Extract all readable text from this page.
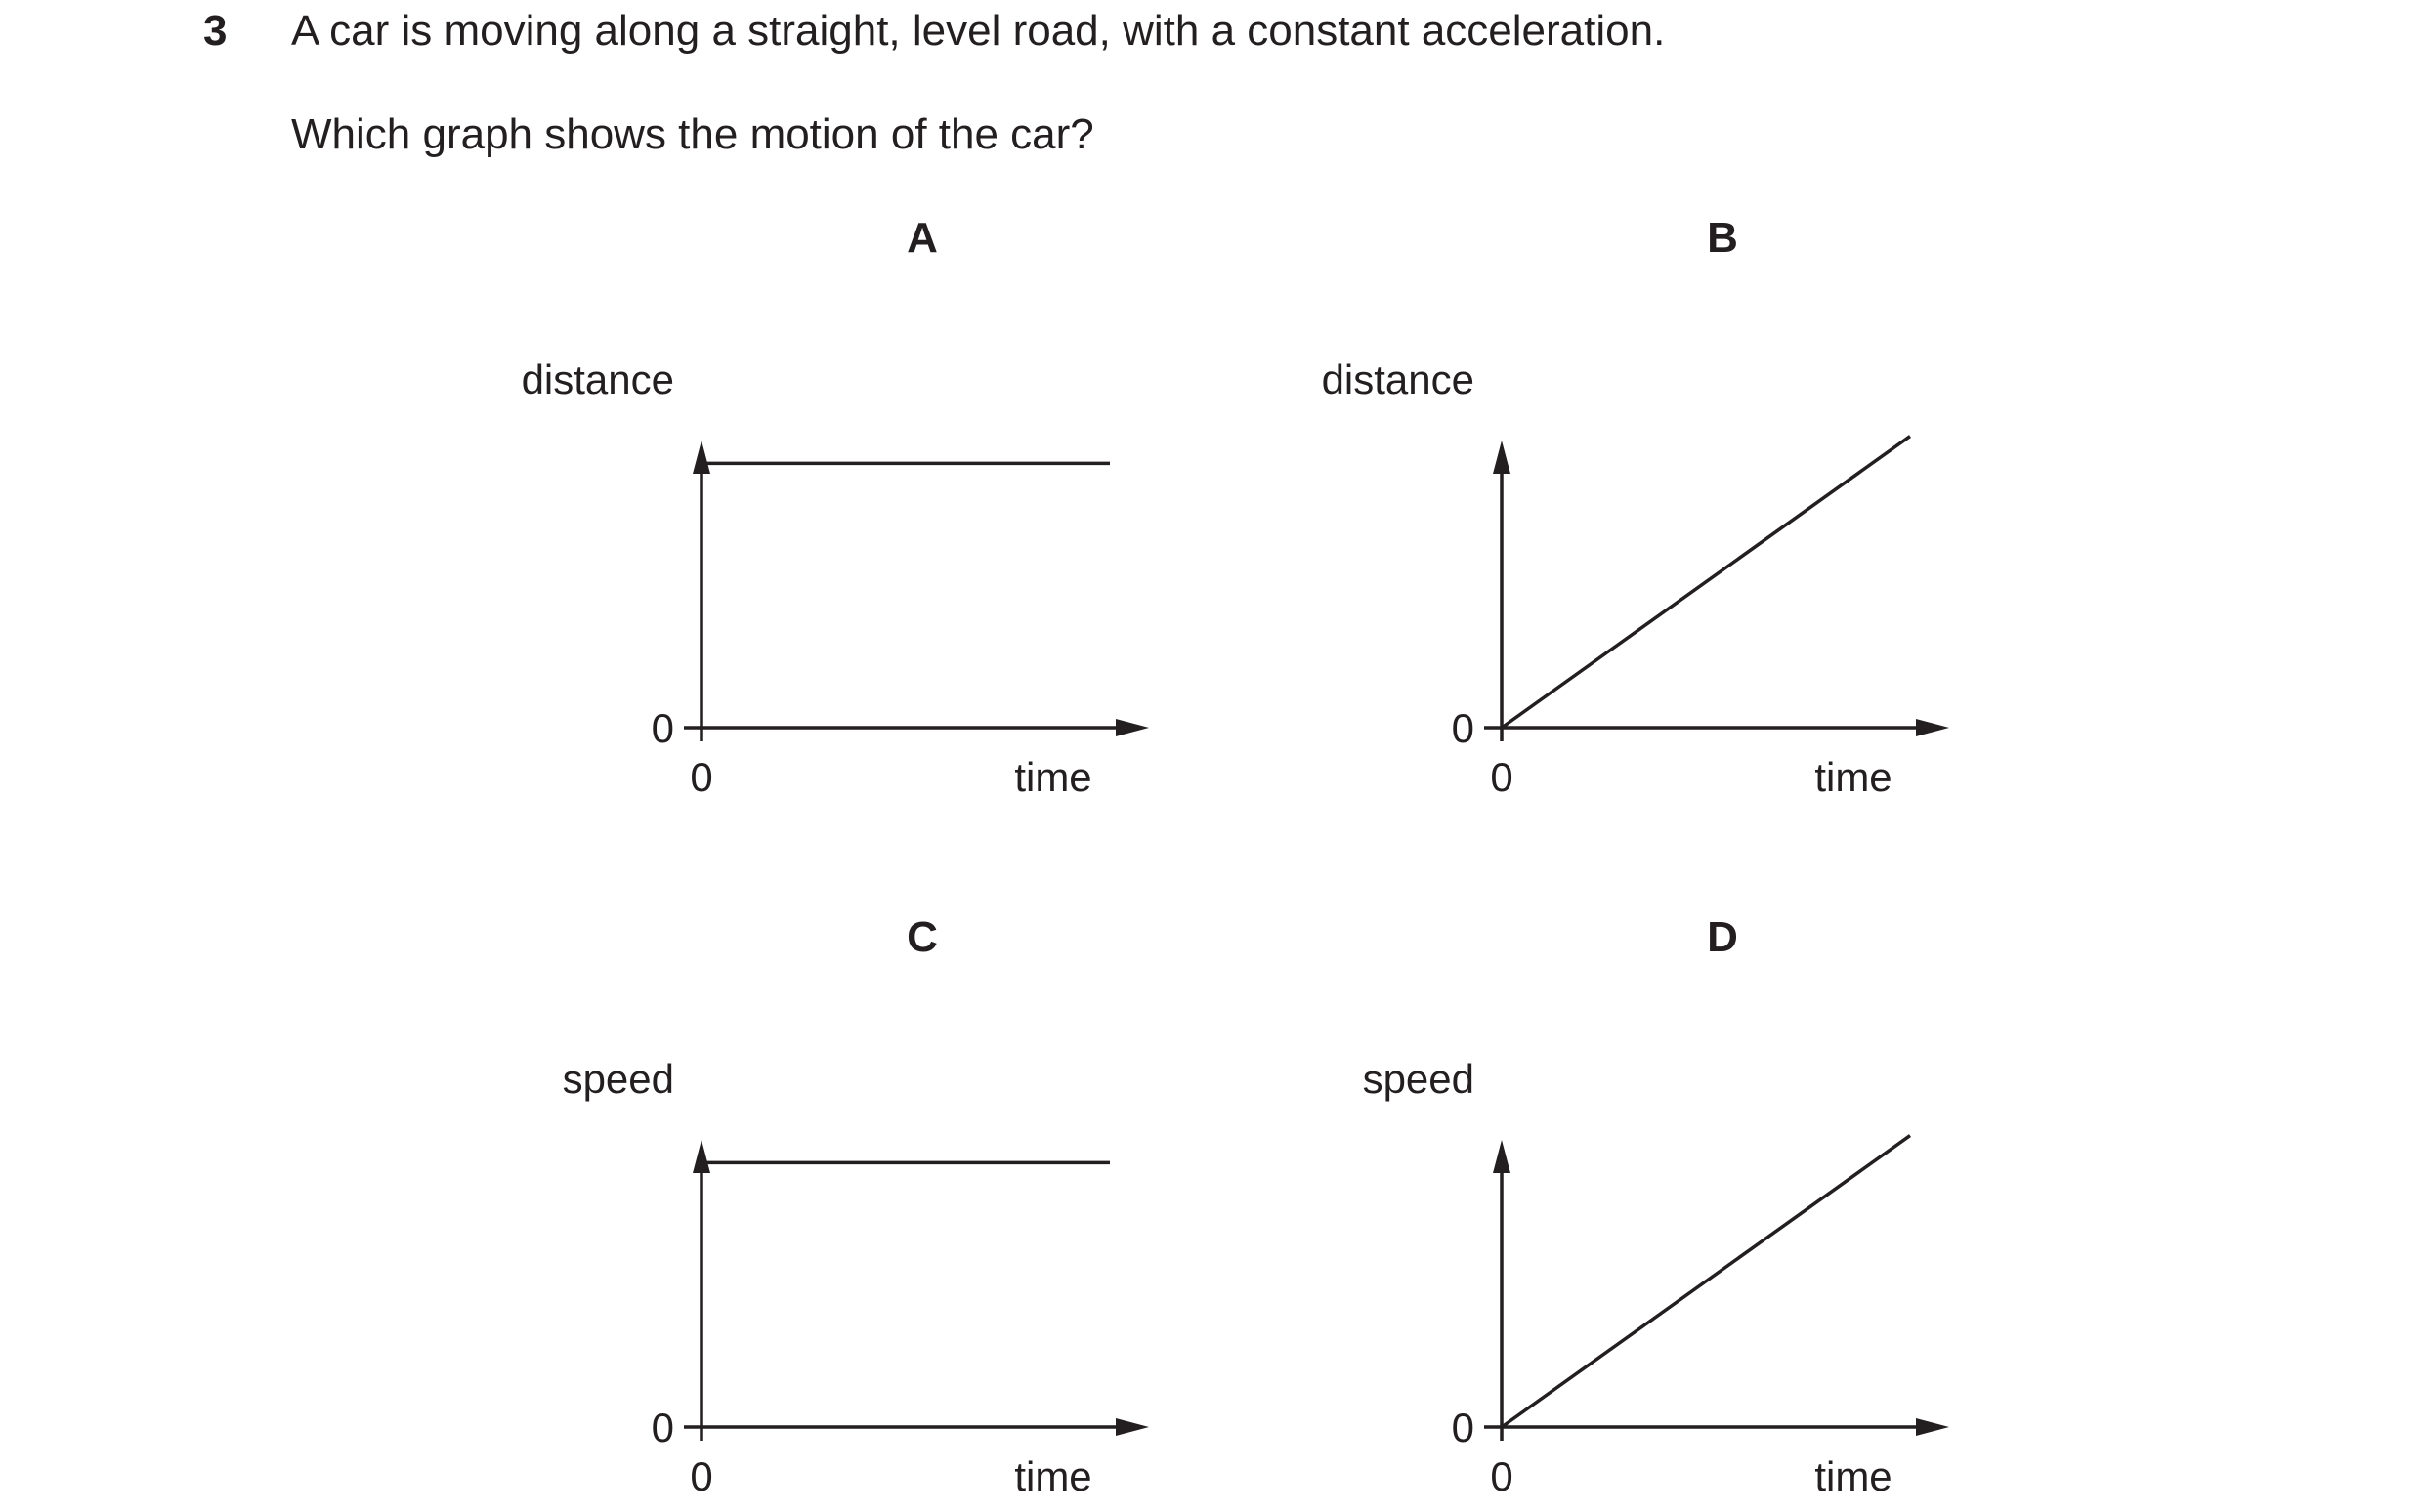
3 A car is moving along a straight, level road, with a constant acceleration.
Which graph shows the motion of the car?
A
0
0	time
distance
B
0
0	time
distance
C
0
0	time
speed
D
0
0	time
speed
